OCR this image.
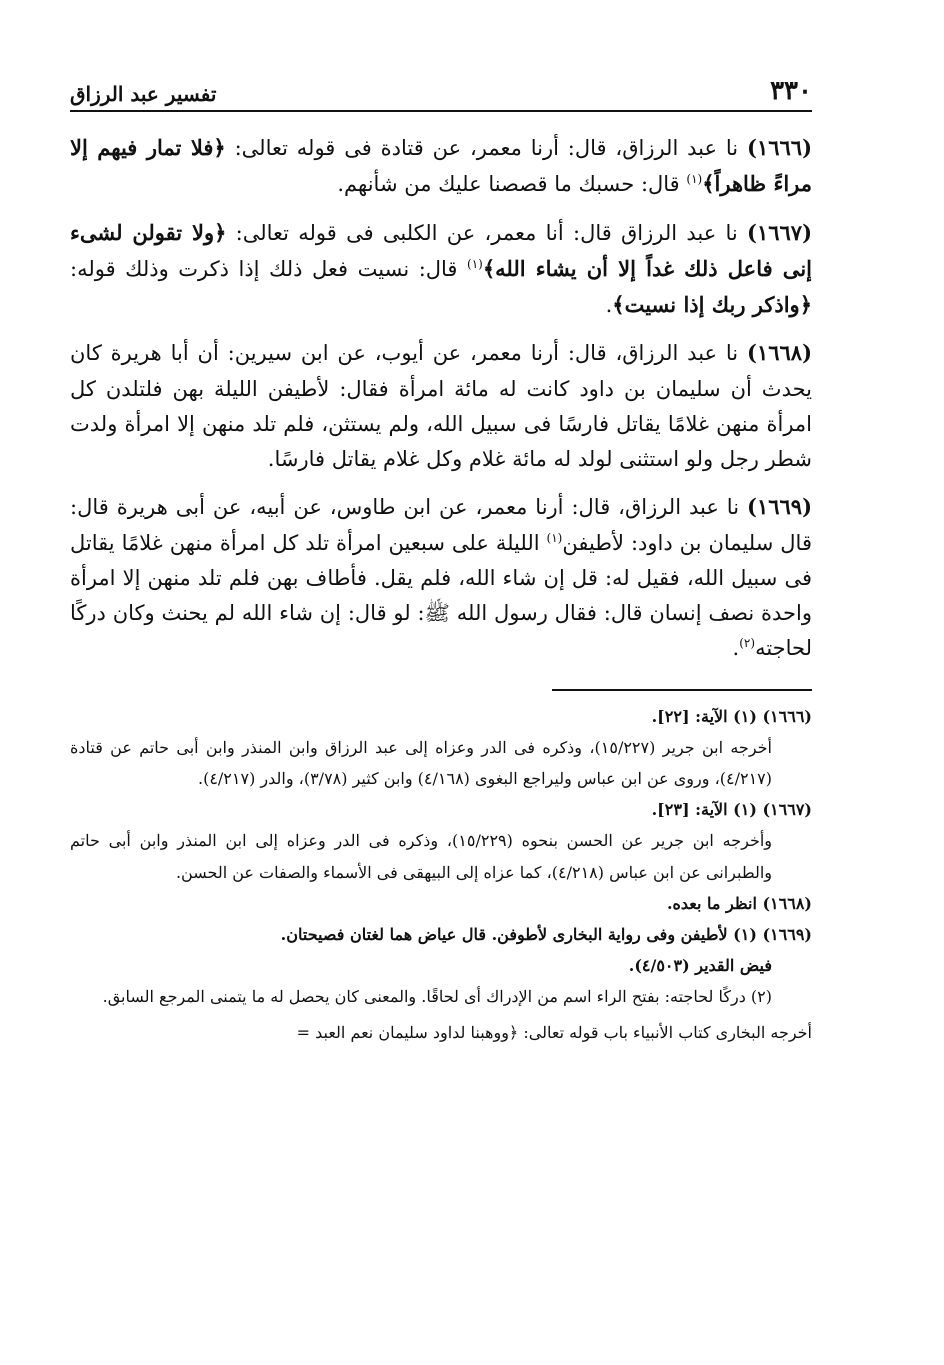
٣٣٠
تفسير عبد الرزاق

(١٦٦٦) نا عبد الرزاق، قال: أرنا معمر، عن قتادة فى قوله تعالى: ﴿فلا تمار فيهم إلا مراءً ظاهراً﴾$^{(١)}$ قال: حسبك ما قصصنا عليك من شأنهم.

(١٦٦٧) نا عبد الرزاق قال: أنا معمر، عن الكلبى فى قوله تعالى: ﴿ولا تقولن لشىء إنى فاعل ذلك غداً إلا أن يشاء الله﴾$^{(١)}$ قال: نسيت فعل ذلك إذا ذكرت وذلك قوله: ﴿واذكر ربك إذا نسيت﴾.

(١٦٦٨) نا عبد الرزاق، قال: أرنا معمر، عن أيوب، عن ابن سيرين: أن أبا هريرة كان يحدث أن سليمان بن داود كانت له مائة امرأة فقال: لأطيفن الليلة بهن فلتلدن كل امرأة منهن غلامًا يقاتل فارسًا فى سبيل الله، ولم يستثن، فلم تلد منهن إلا امرأة ولدت شطر رجل ولو استثنى لولد له مائة غلام وكل غلام يقاتل فارسًا.

(١٦٦٩) نا عبد الرزاق، قال: أرنا معمر، عن ابن طاوس، عن أبيه، عن أبى هريرة قال: قال سليمان بن داود: لأطيفن$^{(١)}$ الليلة على سبعين امرأة تلد كل امرأة منهن غلامًا يقاتل فى سبيل الله، فقيل له: قل إن شاء الله، فلم يقل. فأطاف بهن فلم تلد منهن إلا امرأة واحدة نصف إنسان قال: فقال رسول الله ﷺ: لو قال: إن شاء الله لم يحنث وكان دركًا لحاجته$^{(٢)}$.

(١٦٦٦) (١) الآية: [٢٢].

أخرجه ابن جرير (١٥/٢٢٧)، وذكره فى الدر وعزاه إلى عبد الرزاق وابن المنذر وابن أبى حاتم عن قتادة (٤/٢١٧)، وروى عن ابن عباس وليراجع البغوى (٤/١٦٨) وابن كثير (٣/٧٨)، والدر (٤/٢١٧).

(١٦٦٧) (١) الآية: [٢٣].

وأخرجه ابن جرير عن الحسن بنحوه (١٥/٢٢٩)، وذكره فى الدر وعزاه إلى ابن المنذر وابن أبى حاتم والطبرانى عن ابن عباس (٤/٢١٨)، كما عزاه إلى البيهقى فى الأسماء والصفات عن الحسن.

(١٦٦٨) انظر ما بعده.

(١٦٦٩) (١) لأطيفن وفى رواية البخارى لأطوفن. قال عياض هما لغتان فصيحتان.

فيض القدير (٤/٥٠٣).

(٢) دركًا لحاجته: بفتح الراء اسم من الإدراك أى لحاقًا. والمعنى كان يحصل له ما يتمنى المرجع السابق.

أخرجه البخارى كتاب الأنبياء باب قوله تعالى: ﴿ووهبنا لداود سليمان نعم العبد =
